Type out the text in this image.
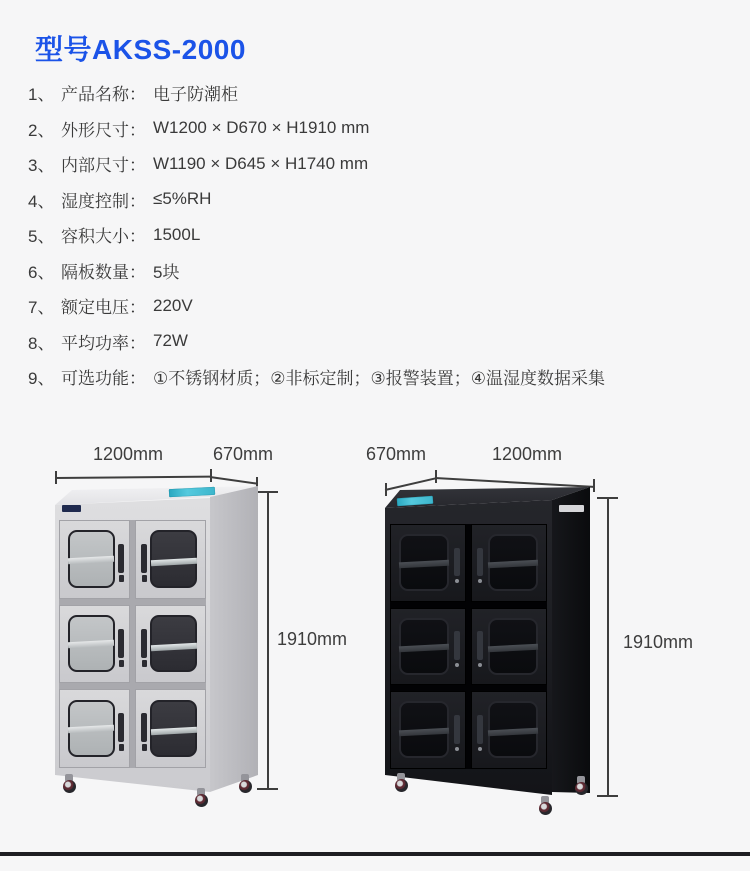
型号AKSS-2000
1、 产品名称： 电子防潮柜
2、 外形尺寸： W1200 × D670 × H1910 mm
3、 内部尺寸： W1190 × D645 × H1740 mm
4、 湿度控制： ≤5%RH
5、 容积大小： 1500L
6、 隔板数量： 5块
7、 额定电压： 220V
8、 平均功率： 72W
9、 可选功能： ①不锈钢材质；②非标定制；③报警装置；④温湿度数据采集
1200mm	670mm
1910mm
670mm	1200mm
1910mm
